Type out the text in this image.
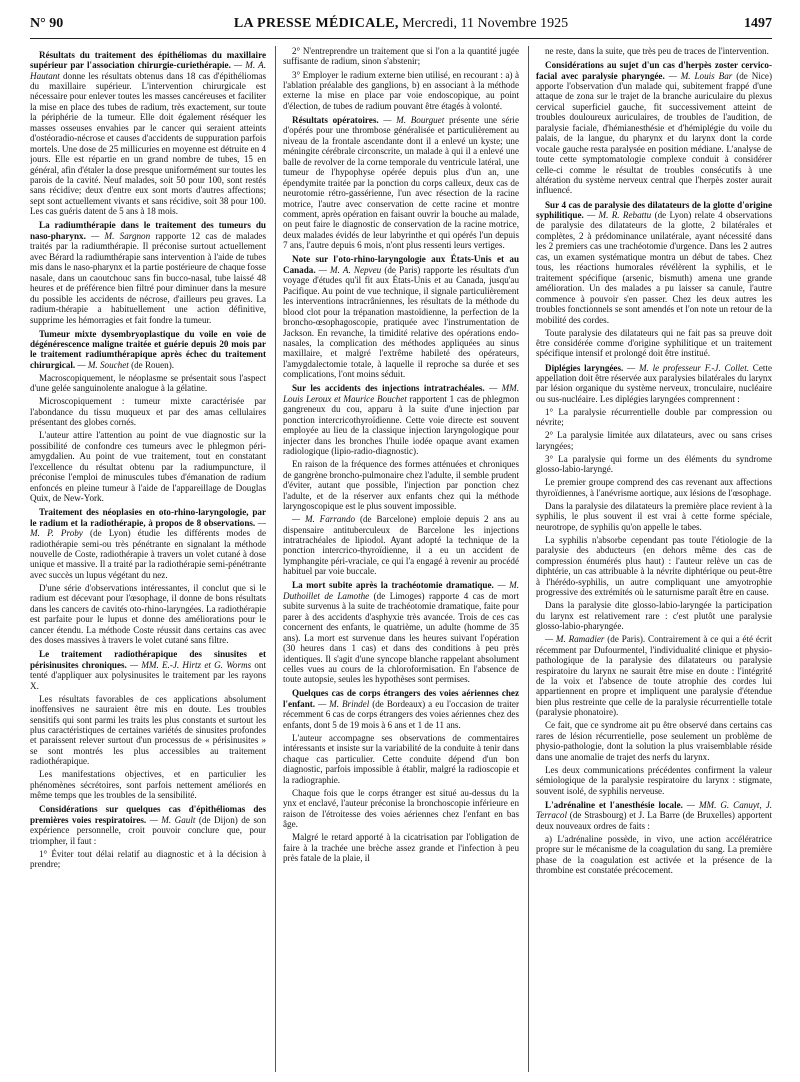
N° 90	LA PRESSE MÉDICALE, Mercredi, 11 Novembre 1925	1497

Résultats du traitement des épithéliomas du maxillaire supérieur par l'association chirurgie-curiethérapie. — M. A. Hautant donne les résultats obtenus dans 18 cas d'épithéliomas du maxillaire supérieur. L'intervention chirurgicale est nécessaire pour enlever toutes les masses cancéreuses et faciliter la mise en place des tubes de radium, très exactement, sur toute la périphérie de la tumeur. Elle doit également réséquer les masses osseuses envahies par le cancer qui seraient atteints d'ostéoradio-nécrose et causes d'accidents de suppuration parfois mortels. Une dose de 25 millicuries en moyenne est détruite en 4 jours. Elle est répartie en un grand nombre de tubes, 15 en général, afin d'étaler la dose presque uniformément sur toutes les parois de la cavité. Neuf malades, soit 50 pour 100, sont restés sans récidive; deux d'entre eux sont morts d'autres affections; sept sont actuellement vivants et sans récidive, soit 38 pour 100. Les cas guéris datent de 5 ans à 18 mois.

La radiumthérapie dans le traitement des tumeurs du naso-pharynx. — M. Sargnon rapporte 12 cas de malades traités par la radiumthérapie. Il préconise surtout actuellement avec Bérard la radiumthérapie sans intervention à l'aide de tubes mis dans le naso-pharynx et la partie postérieure de chaque fosse nasale, dans un caoutchouc sans fin bucco-nasal, tube laissé 48 heures et de préférence bien filtré pour diminuer dans la mesure du possible les accidents de nécrose, d'ailleurs peu graves. La radium-thérapie a habituellement une action définitive, supprime les hémorragies et fait fondre la tumeur.

Tumeur mixte dysembryoplastique du voile en voie de dégénérescence maligne traitée et guérie depuis 20 mois par le traitement radiumthérapique après échec du traitement chirurgical. — M. Souchet (de Rouen).

Macroscopiquement, le néoplasme se présentait sous l'aspect d'une gelée sanguinolente analogue à la gélatine.

Microscopiquement : tumeur mixte caractérisée par l'abondance du tissu muqueux et par des amas cellulaires présentant des globes cornés.

L'auteur attire l'attention au point de vue diagnostic sur la possibilité de confondre ces tumeurs avec le phlegmon péri-amygdalien. Au point de vue traitement, tout en constatant l'excellence du résultat obtenu par la radiumpuncture, il préconise l'emploi de minuscules tubes d'émanation de radium enfoncés en pleine tumeur à l'aide de l'appareillage de Douglas Quix, de New-York.

Traitement des néoplasies en oto-rhino-laryngologie, par le radium et la radiothérapie, à propos de 8 observations. — M. P. Proby (de Lyon) étudie les différents modes de radiothérapie semi-ou très pénétrante en signalant la méthode nouvelle de Coste, radiothérapie à travers un volet cutané à dose unique et massive. Il a traité par la radiothérapie semi-pénétrante avec succès un lupus végétant du nez.

D'une série d'observations intéressantes, il conclut que si le radium est décevant pour l'œsophage, il donne de bons résultats dans les cancers de cavités oto-rhino-laryngées. La radiothérapie est parfaite pour le lupus et donne des améliorations pour le cancer étendu. La méthode Coste réussit dans certains cas avec des doses massives à travers le volet cutané sans filtre.

Le traitement radiothérapique des sinusites et périsinusites chroniques. — MM. E.-J. Hirtz et G. Worms ont tenté d'appliquer aux polysinusites le traitement par les rayons X.

Les résultats favorables de ces applications absolument inoffensives ne sauraient être mis en doute. Les troubles sensitifs qui sont parmi les traits les plus constants et surtout les plus caractéristiques de certaines variétés de sinusites profondes et paraissent relever surtout d'un processus de « périsinusites » se sont montrés les plus accessibles au traitement radiothérapique.

Les manifestations objectives, et en particulier les phénomènes sécrétoires, sont parfois nettement améliorés en même temps que les troubles de la sensibilité.

Considérations sur quelques cas d'épithéliomas des premières voies respiratoires. — M. Gault (de Dijon) de son expérience personnelle, croit pouvoir conclure que, pour triompher, il faut :

1° Éviter tout délai relatif au diagnostic et à la décision à prendre;

2° N'entreprendre un traitement que si l'on a la quantité jugée suffisante de radium, sinon s'abstenir;

3° Employer le radium externe bien utilisé, en recourant : a) à l'ablation préalable des ganglions, b) en associant à la méthode externe la mise en place par voie endoscopique, au point d'élection, de tubes de radium pouvant être étagés à volonté.

Résultats opératoires. — M. Bourguet présente une série d'opérés pour une thrombose généralisée et particulièrement au niveau de la frontale ascendante dont il a enlevé un kyste; une méningite cérébrale circonscrite, un malade à qui il a enlevé une balle de revolver de la corne temporale du ventricule latéral, une tumeur de l'hypophyse opérée depuis plus d'un an, une épendymite traitée par la ponction du corps calleux, deux cas de neurotomie rétro-gassérienne, l'un avec résection de la racine motrice, l'autre avec conservation de cette racine et montre comment, après opération en faisant ouvrir la bouche au malade, on peut faire le diagnostic de conservation de la racine motrice, deux malades évidés de leur labyrinthe et qui opérés l'un depuis 7 ans, l'autre depuis 6 mois, n'ont plus ressenti leurs vertiges.

Note sur l'oto-rhino-laryngologie aux États-Unis et au Canada. — M. A. Nepveu (de Paris) rapporte les résultats d'un voyage d'études qu'il fit aux États-Unis et au Canada, jusqu'au Pacifique. Au point de vue technique, il signale particulièrement les interventions intracrâniennes, les résultats de la méthode du blood clot pour la trépanation mastoïdienne, la perfection de la broncho-œsophagoscopie, pratiquée avec l'instrumentation de Jackson. En revanche, la timidité relative des opérations endo-nasales, la complication des méthodes appliquées au sinus maxillaire, et malgré l'extrême habileté des opérateurs, l'amygdalectomie totale, à laquelle il reproche sa durée et ses complications, l'ont moins séduit.

Sur les accidents des injections intratrachéales. — MM. Louis Leroux et Maurice Bouchet rapportent 1 cas de phlegmon gangreneux du cou, apparu à la suite d'une injection par ponction intercricothyroïdienne. Cette voie directe est souvent employée au lieu de la classique injection laryngologique pour injecter dans les bronches l'huile iodée opaque avant examen radiologique (lipio-radio-diagnostic).

En raison de la fréquence des formes atténuées et chroniques de gangrène broncho-pulmonaire chez l'adulte, il semble prudent d'éviter, autant que possible, l'injection par ponction chez l'adulte, et de la réserver aux enfants chez qui la méthode laryngoscopique est le plus souvent impossible.

— M. Farrando (de Barcelone) emploie depuis 2 ans au dispensaire antituberculeux de Barcelone les injections intratrachéales de lipiodol. Ayant adopté la technique de la ponction intercrico-thyroïdienne, il a eu un accident de lymphangite péri-vraciale, ce qui l'a engagé à revenir au procédé habituel par voie buccale.

La mort subite après la trachéotomie dramatique. — M. Duthoillet de Lamothe (de Limoges) rapporte 4 cas de mort subite survenus à la suite de trachéotomie dramatique, faite pour parer à des accidents d'asphyxie très avancée. Trois de ces cas concernent des enfants, le quatrième, un adulte (homme de 35 ans). La mort est survenue dans les heures suivant l'opération (30 heures dans 1 cas) et dans des conditions à peu près identiques. Il s'agit d'une syncope blanche rappelant absolument celles vues au cours de la chloroformisation. En l'absence de toute autopsie, seules les hypothèses sont permises.

Quelques cas de corps étrangers des voies aériennes chez l'enfant. — M. Brindel (de Bordeaux) a eu l'occasion de traiter récemment 6 cas de corps étrangers des voies aériennes chez des enfants, dont 5 de 19 mois à 6 ans et 1 de 11 ans.

L'auteur accompagne ses observations de commentaires intéressants et insiste sur la variabilité de la conduite à tenir dans chaque cas particulier. Cette conduite dépend d'un bon diagnostic, parfois impossible à établir, malgré la radioscopie et la radiographie.

Chaque fois que le corps étranger est situé au-dessus du la ynx et enclavé, l'auteur préconise la bronchoscopie inférieure en raison de l'étroitesse des voies aériennes chez l'enfant en bas âge.

Malgré le retard apporté à la cicatrisation par l'obligation de faire à la trachée une brèche assez grande et l'infection à peu près fatale de la plaie, il

ne reste, dans la suite, que très peu de traces de l'intervention.

Considérations au sujet d'un cas d'herpès zoster cervico-facial avec paralysie pharyngée. — M. Louis Bar (de Nice) apporte l'observation d'un malade qui, subitement frappé d'une attaque de zona sur le trajet de la branche auriculaire du plexus cervical superficiel gauche, fit successivement atteint de troubles douloureux auriculaires, de troubles de l'audition, de paralysie faciale, d'hémianesthésie et d'hémiplégie du voile du palais, de la langue, du pharynx et du larynx dont la corde vocale gauche resta paralysée en position médiane. L'analyse de toute cette symptomatologie complexe conduit à considérer celle-ci comme le résultat de troubles consécutifs à une altération du système nerveux central que l'herpès zoster aurait influencé.

Sur 4 cas de paralysie des dilatateurs de la glotte d'origine syphilitique. — M. R. Rebattu (de Lyon) relate 4 observations de paralysie des dilatateurs de la glotte, 2 bilatérales et complètes, 2 à prédominance unilatérale, ayant nécessité dans les 2 premiers cas une trachéotomie d'urgence. Dans les 2 autres cas, un examen systématique montra un début de tabes. Chez tous, les réactions humorales révélèrent la syphilis, et le traitement spécifique (arsenic, bismuth) amena une grande amélioration. Un des malades a pu laisser sa canule, l'autre commence à pouvoir s'en passer. Chez les deux autres les troubles fonctionnels se sont amendés et l'on note un retour de la mobilité des cordes.

Toute paralysie des dilatateurs qui ne fait pas sa preuve doit être considérée comme d'origine syphilitique et un traitement spécifique intensif et prolongé doit être institué.

Diplégies laryngées. — M. le professeur F.-J. Collet. Cette appellation doit être réservée aux paralysies bilatérales du larynx par lésion organique du système nerveux, tronculaire, nucléaire ou sus-nucléaire. Les diplégies laryngées comprennent :

1° La paralysie récurrentielle double par compression ou névrite;

2° La paralysie limitée aux dilatateurs, avec ou sans crises laryngées;

3° La paralysie qui forme un des éléments du syndrome glosso-labio-laryngé.

Le premier groupe comprend des cas revenant aux affections thyroïdiennes, à l'anévrisme aortique, aux lésions de l'œsophage.

Dans la paralysie des dilatateurs la première place revient à la syphilis, le plus souvent il est vrai à cette forme spéciale, neurotrope, de syphilis qu'on appelle le tabes.

La syphilis n'absorbe cependant pas toute l'étiologie de la paralysie des abducteurs (en dehors même des cas de compression énumérés plus haut) : l'auteur relève un cas de diphtérie, un cas attribuable à la névrite diphtérique ou peut-être à l'hérédo-syphilis, un autre compliquant une amyotrophie progressive des extrémités où le saturnisme paraît être en cause.

Dans la paralysie dite glosso-labio-laryngée la participation du larynx est relativement rare : c'est plutôt une paralysie glosso-labio-pharyngée.

— M. Ramadier (de Paris). Contrairement à ce qui a été écrit récemment par Dufourmentel, l'individualité clinique et physio-pathologique de la paralysie des dilatateurs ou paralysie respiratoire du larynx ne saurait être mise en doute : l'intégrité de la voix et l'absence de toute atrophie des cordes lui appartiennent en propre et impliquent une paralysie d'étendue bien plus restreinte que celle de la paralysie récurrentielle totale (paralysie phonatoire).

Ce fait, que ce syndrome ait pu être observé dans certains cas rares de lésion récurrentielle, pose seulement un problème de physio-pathologie, dont la solution la plus vraisemblable réside dans une anomalie de trajet des nerfs du larynx.

Les deux communications précédentes confirment la valeur sémiologique de la paralysie respiratoire du larynx : stigmate, souvent isolé, de syphilis nerveuse.

L'adrénaline et l'anesthésie locale. — MM. G. Canuyt, J. Terracol (de Strasbourg) et J. La Barre (de Bruxelles) apportent deux nouveaux ordres de faits :

a) L'adrénaline possède, in vivo, une action accélératrice propre sur le mécanisme de la coagulation du sang. La première phase de la coagulation est activée et la présence de la thrombine est constatée précocement.
